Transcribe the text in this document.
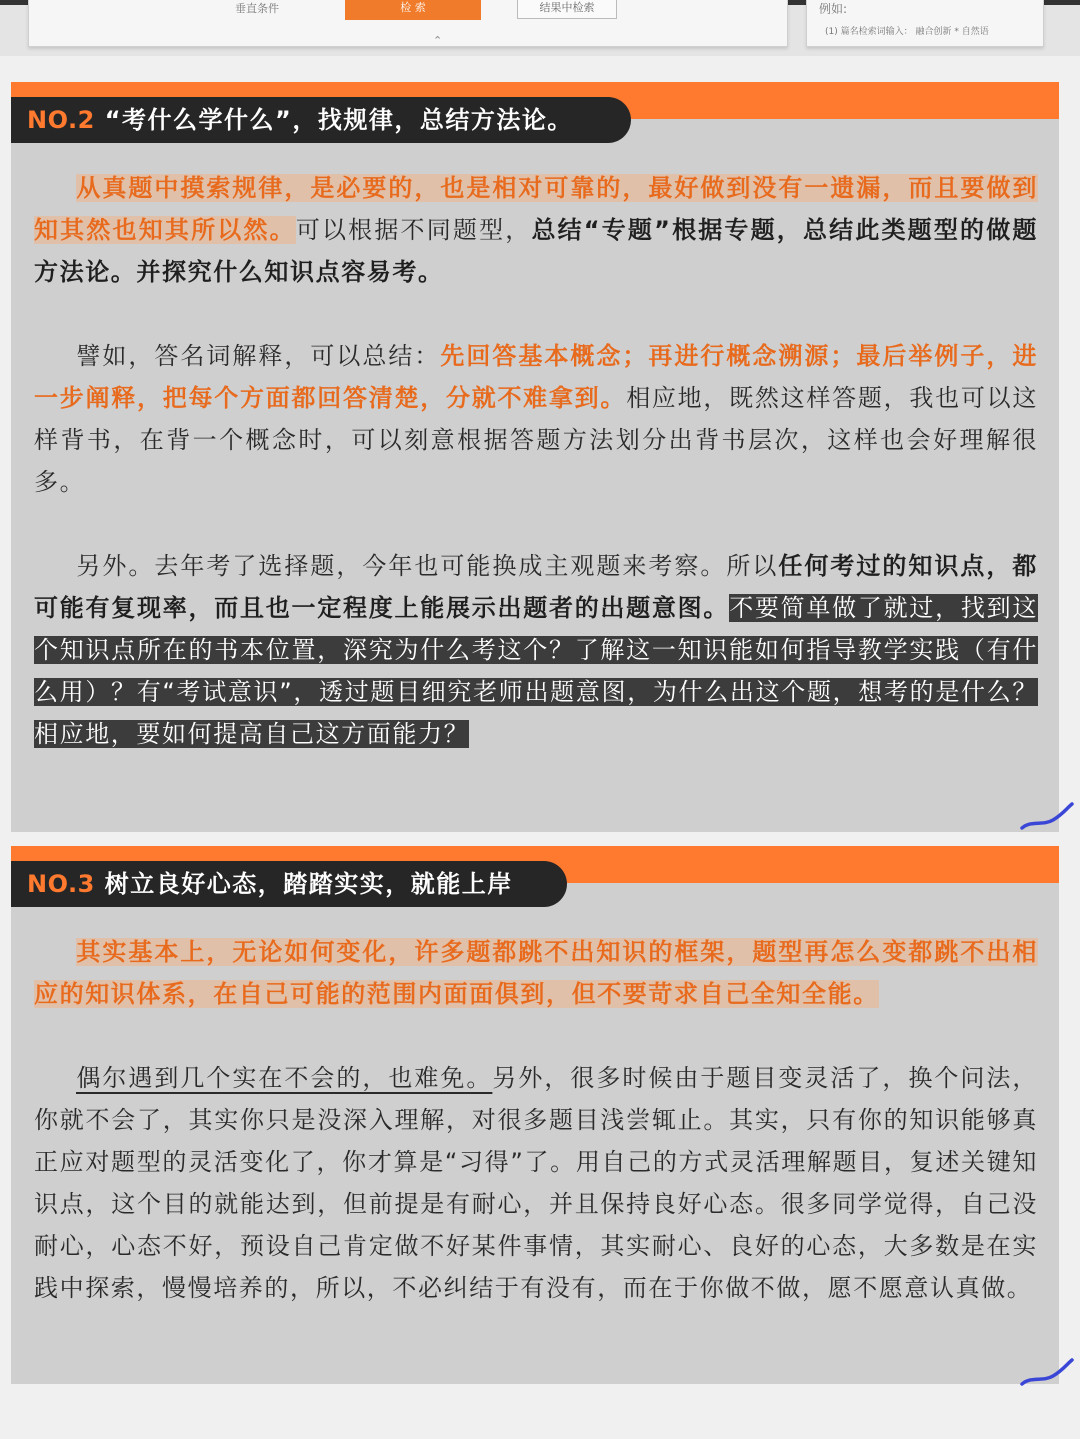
垂直条件	检 索	结果中检索
⌃
例如:
(1) 篇名检索词输入： 融合创新 * 自然语
NO.2 “考什么学什么”，找规律，总结方法论。

从真题中摸索规律，是必要的，也是相对可靠的，最好做到没有一遗漏，而且要做到知其然也知其所以然。可以根据不同题型，总结“专题”根据专题，总结此类题型的做题方法论。并探究什么知识点容易考。

譬如，答名词解释，可以总结：先回答基本概念；再进行概念溯源；最后举例子，进一步阐释，把每个方面都回答清楚，分就不难拿到。相应地，既然这样答题，我也可以这样背书，在背一个概念时，可以刻意根据答题方法划分出背书层次，这样也会好理解很多。

另外。去年考了选择题，今年也可能换成主观题来考察。所以任何考过的知识点，都可能有复现率，而且也一定程度上能展示出题者的出题意图。不要简单做了就过，找到这个知识点所在的书本位置，深究为什么考这个？了解这一知识能如何指导教学实践（有什么用）？有“考试意识”，透过题目细究老师出题意图，为什么出这个题，想考的是什么？相应地，要如何提高自己这方面能力？

NO.3 树立良好心态，踏踏实实，就能上岸

其实基本上，无论如何变化，许多题都跳不出知识的框架，题型再怎么变都跳不出相应的知识体系，在自己可能的范围内面面俱到，但不要苛求自己全知全能。

偶尔遇到几个实在不会的，也难免。另外，很多时候由于题目变灵活了，换个问法，你就不会了，其实你只是没深入理解，对很多题目浅尝辄止。其实，只有你的知识能够真正应对题型的灵活变化了，你才算是“习得”了。用自己的方式灵活理解题目，复述关键知识点，这个目的就能达到，但前提是有耐心，并且保持良好心态。很多同学觉得，自己没耐心，心态不好，预设自己肯定做不好某件事情，其实耐心、良好的心态，大多数是在实践中探索，慢慢培养的，所以，不必纠结于有没有，而在于你做不做，愿不愿意认真做。
